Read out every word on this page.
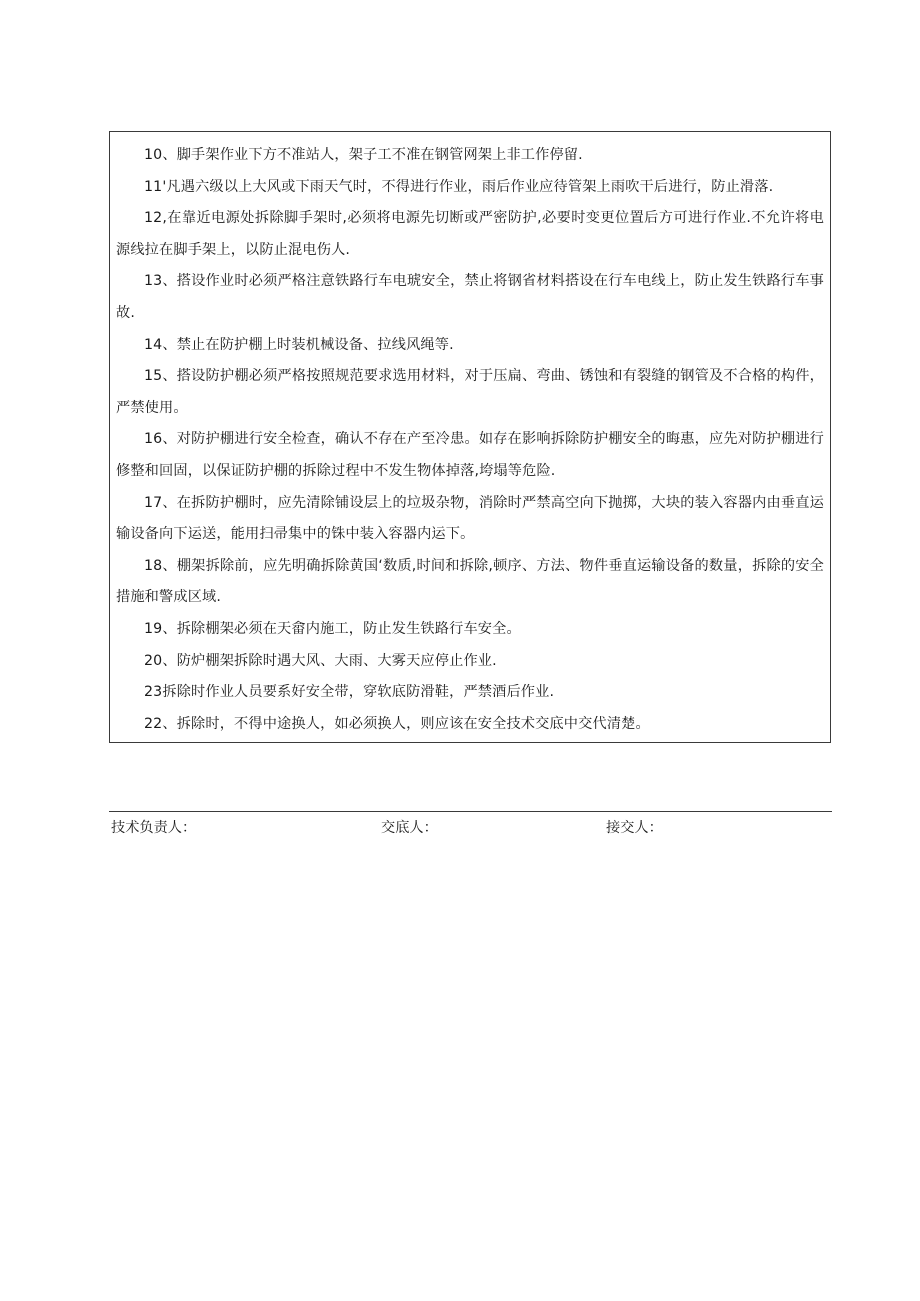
10、脚手架作业下方不准站人，架子工不准在钢管网架上非工作停留.

11'凡遇六级以上大风或下雨天气时，不得进行作业，雨后作业应待管架上雨吹干后进行，防止滑落.

12,在靠近电源处拆除脚手架时,必须将电源先切断或严密防护,必要时变更位置后方可进行作业.不允许将电源线拉在脚手架上，以防止混电伤人.

13、搭设作业时必须严格注意铁路行车电琥安全，禁止将钢省材料搭设在行车电线上，防止发生铁路行车事故.

14、禁止在防护棚上时装机械设备、拉线风绳等.

15、搭设防护棚必须严格按照规范要求选用材料，对于压扁、弯曲、锈蚀和有裂缝的钢管及不合格的构件，严禁使用。

16、对防护棚进行安全检查，确认不存在产至冷患。如存在影响拆除防护棚安全的晦惠，应先对防护棚进行修整和回固，以保证防护棚的拆除过程中不发生物体掉落,垮塌等危险.

17、在拆防护棚时，应先清除铺设层上的垃圾杂物，消除时严禁高空向下抛掷，大块的装入容器内由垂直运输设备向下运送，能用扫帚集中的铢中装入容器内运下。

18、棚架拆除前，应先明确拆除黄国‘数质,时间和拆除,顿序、方法、物件垂直运输设备的数量，拆除的安全措施和警成区域.

19、拆除棚架必须在天畲内施工，防止发生铁路行车安全。

20、防炉棚架拆除时遇大风、大雨、大雾天应停止作业.

23拆除时作业人员要系好安全带，穿软底防滑鞋，严禁酒后作业.

22、拆除时，不得中途换人，如必须换人，则应该在安全技术交底中交代清楚。

技术负责人：	交底人：	接交人：
